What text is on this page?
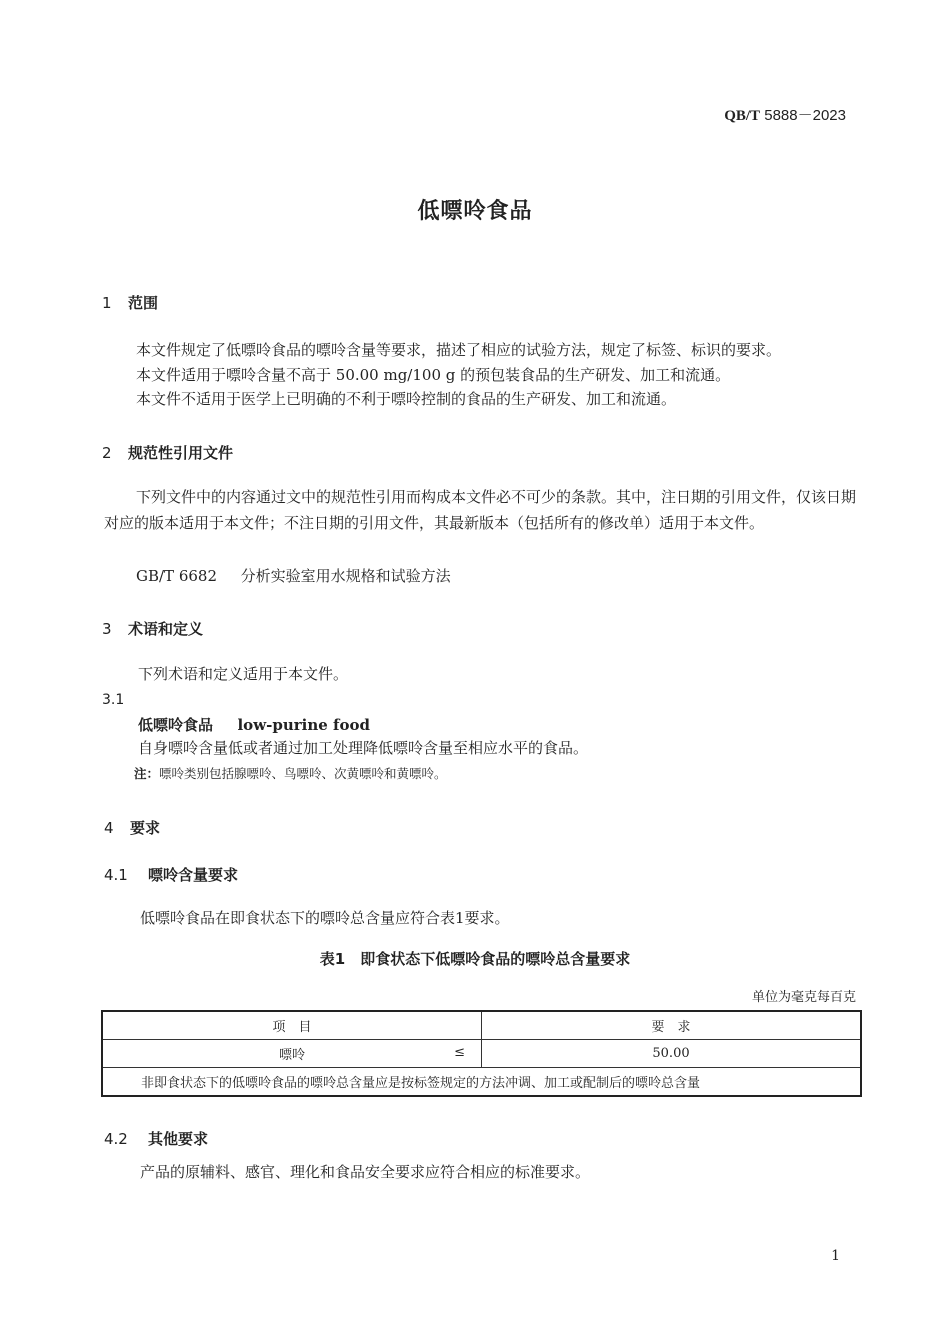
QB/T 5888－2023
低嘌呤食品
1 范围
本文件规定了低嘌呤食品的嘌呤含量等要求，描述了相应的试验方法，规定了标签、标识的要求。
本文件适用于嘌呤含量不高于 50.00 mg/100 g 的预包装食品的生产研发、加工和流通。
本文件不适用于医学上已明确的不利于嘌呤控制的食品的生产研发、加工和流通。
2 规范性引用文件
下列文件中的内容通过文中的规范性引用而构成本文件必不可少的条款。其中，注日期的引用文件，仅该日期对应的版本适用于本文件；不注日期的引用文件，其最新版本（包括所有的修改单）适用于本文件。
GB/T 6682 分析实验室用水规格和试验方法
3 术语和定义
下列术语和定义适用于本文件。
3.1
低嘌呤食品 low-purine food
自身嘌呤含量低或者通过加工处理降低嘌呤含量至相应水平的食品。
注：嘌呤类别包括腺嘌呤、鸟嘌呤、次黄嘌呤和黄嘌呤。
4 要求
4.1 嘌呤含量要求
低嘌呤食品在即食状态下的嘌呤总含量应符合表1要求。
表1　即食状态下低嘌呤食品的嘌呤总含量要求
单位为毫克每百克
项　目	要　求
嘌呤 ≤	50.00
非即食状态下的低嘌呤食品的嘌呤总含量应是按标签规定的方法冲调、加工或配制后的嘌呤总含量	
4.2 其他要求
产品的原辅料、感官、理化和食品安全要求应符合相应的标准要求。
1
